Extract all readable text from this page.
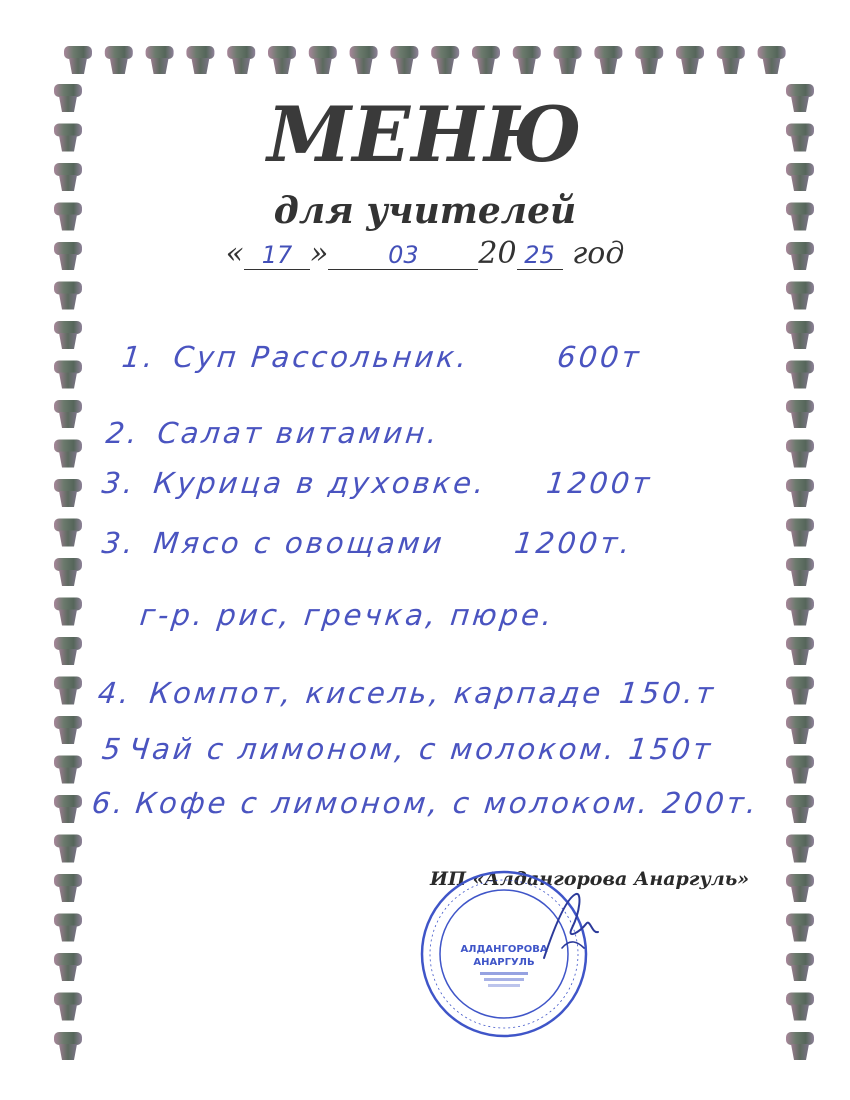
МЕНЮ
для учителей
« 17 » 03 20 25 год
1. Суп Рассольник.	600т
2. Салат витамин.
3. Курица в духовке. 1200т
3. Мясо с овощами 1200т.
г-р. рис, гречка, пюре.
4. Компот, кисель, карпаде 150.т
5Чай с лимоном, с молоком. 150т
6. Кофе с лимоном, с молоком. 200т.
ИП «Алдангорова Анаргуль»
АЛДАНГОРОВА
АНАРГУЛЬ
